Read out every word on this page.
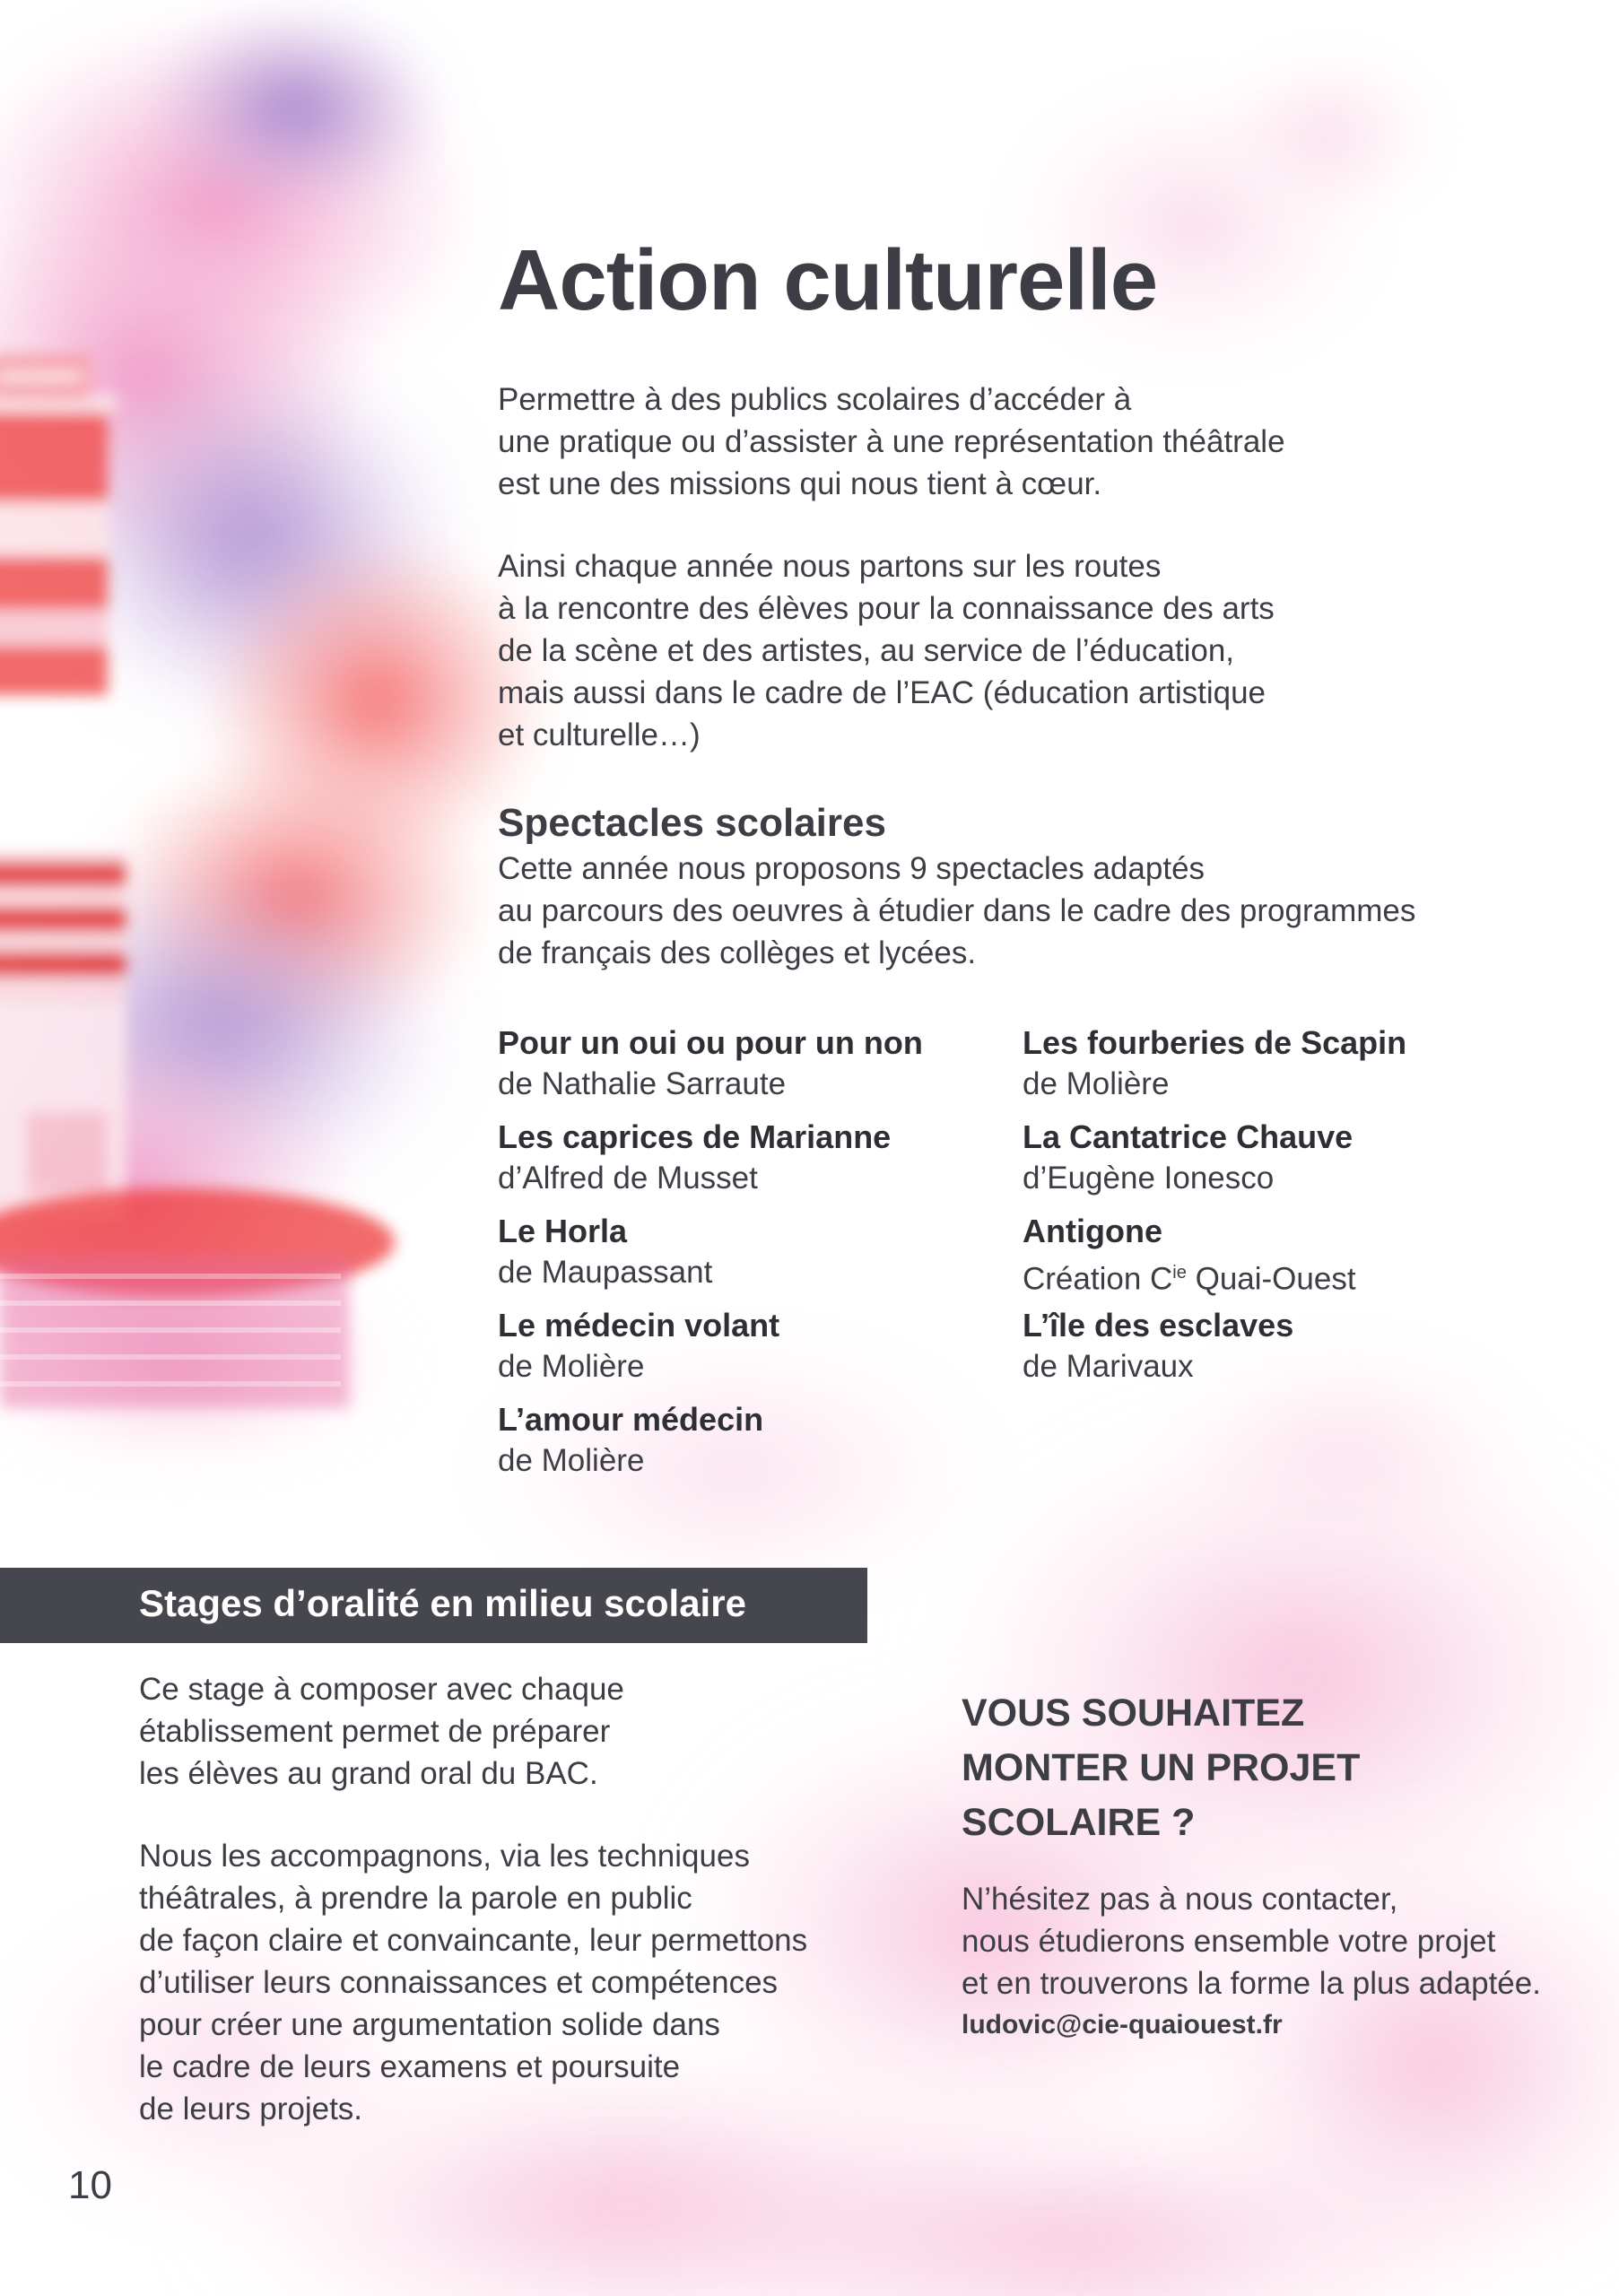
Action culturelle

Permettre à des publics scolaires d’accéder à
une pratique ou d’assister à une représentation théâtrale
est une des missions qui nous tient à cœur.

Ainsi chaque année nous partons sur les routes
à la rencontre des élèves pour la connaissance des arts
de la scène et des artistes, au service de l’éducation,
mais aussi dans le cadre de l’EAC (éducation artistique
et culturelle…)

Spectacles scolaires

Cette année nous proposons 9 spectacles adaptés
au parcours des oeuvres à étudier dans le cadre des programmes
de français des collèges et lycées.

Pour un oui ou pour un non
de Nathalie Sarraute
Les caprices de Marianne
d’Alfred de Musset
Le Horla
de Maupassant
Le médecin volant
de Molière
L’amour médecin
de Molière
Les fourberies de Scapin
de Molière
La Cantatrice Chauve
d’Eugène Ionesco
Antigone
Création $C^{ie}$ Quai-Ouest
L’île des esclaves
de Marivaux
Stages d’oralité en milieu scolaire

Ce stage à composer avec chaque
établissement permet de préparer
les élèves au grand oral du BAC.

Nous les accompagnons, via les techniques
théâtrales, à prendre la parole en public
de façon claire et convaincante, leur permettons
d’utiliser leurs connaissances et compétences
pour créer une argumentation solide dans
le cadre de leurs examens et poursuite
de leurs projets.

VOUS SOUHAITEZ
MONTER UN PROJET
SCOLAIRE ?

N’hésitez pas à nous contacter,
nous étudierons ensemble votre projet
et en trouverons la forme la plus adaptée.

ludovic@cie-quaiouest.fr
10
